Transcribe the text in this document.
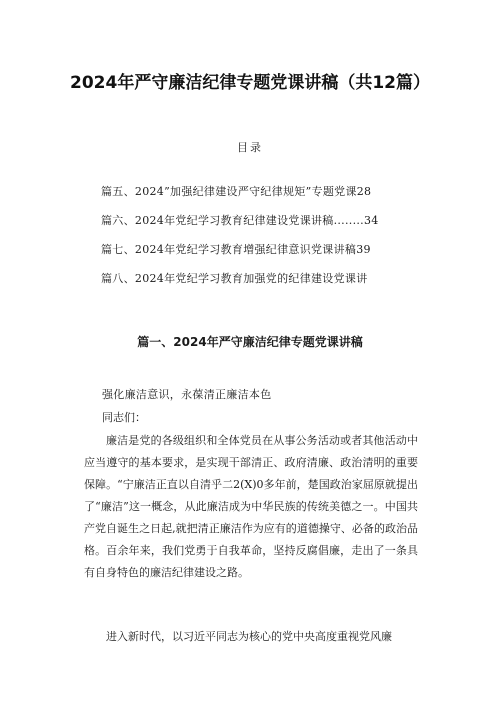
2024年严守廉洁纪律专题党课讲稿（共12篇）
目录
篇五、2024”加强纪律建设严守纪律规矩”专题党课28
篇六、2024年党纪学习教育纪律建设党课讲稿........34
篇七、2024年党纪学习教育增强纪律意识党课讲稿39
篇八、2024年党纪学习教育加强党的纪律建设党课讲
篇一、2024年严守廉洁纪律专题党课讲稿
强化廉洁意识，永葆清正廉洁本色
同志们：

廉洁是党的各级组织和全体党员在从事公务活动或者其他活动中应当遵守的基本要求，是实现干部清正、政府清廉、政治清明的重要保障。“宁廉洁正直以自清乎二2(X)0多年前，楚国政治家屈原就提出了“廉洁”这一概念，从此廉洁成为中华民族的传统美德之一。中国共产党自诞生之日起,就把清正廉洁作为应有的道德操守、必备的政治品格。百余年来，我们党勇于自我革命，坚持反腐倡廉，走出了一条具有自身特色的廉洁纪律建设之路。

进入新时代，以习近平同志为核心的党中央高度重视党风廉
